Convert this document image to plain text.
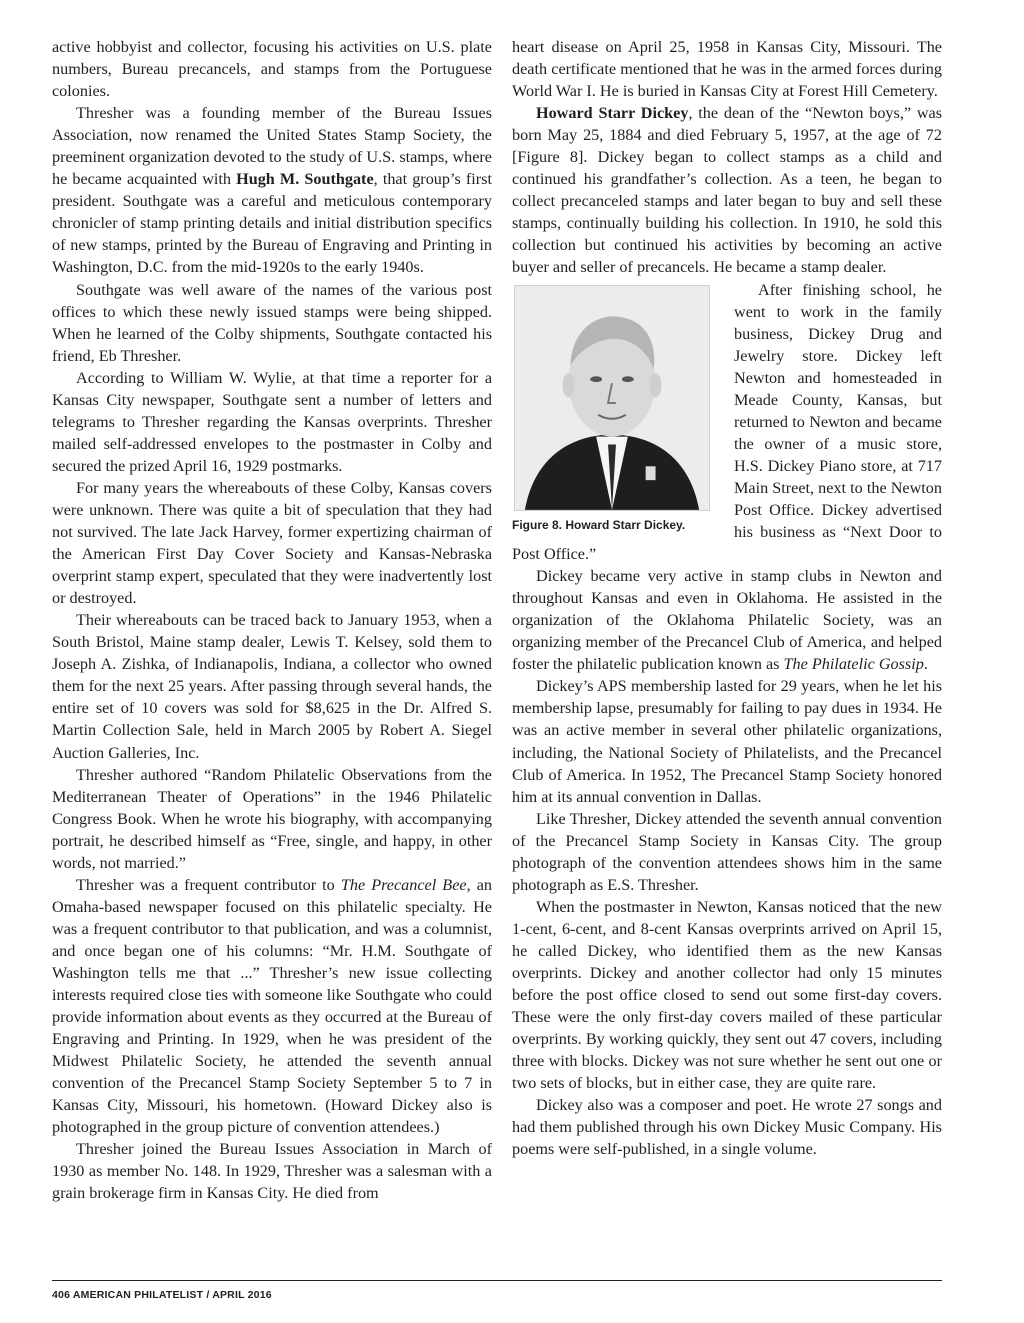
active hobbyist and collector, focusing his activities on U.S. plate numbers, Bureau precancels, and stamps from the Portuguese colonies.

Thresher was a founding member of the Bureau Issues Association, now renamed the United States Stamp Society, the preeminent organization devoted to the study of U.S. stamps, where he became acquainted with Hugh M. Southgate, that group’s first president. Southgate was a careful and meticulous contemporary chronicler of stamp printing details and initial distribution specifics of new stamps, printed by the Bureau of Engraving and Printing in Washington, D.C. from the mid-1920s to the early 1940s.

Southgate was well aware of the names of the various post offices to which these newly issued stamps were being shipped. When he learned of the Colby shipments, Southgate contacted his friend, Eb Thresher.

According to William W. Wylie, at that time a reporter for a Kansas City newspaper, Southgate sent a number of letters and telegrams to Thresher regarding the Kansas overprints. Thresher mailed self-addressed envelopes to the postmaster in Colby and secured the prized April 16, 1929 postmarks.

For many years the whereabouts of these Colby, Kansas covers were unknown. There was quite a bit of speculation that they had not survived. The late Jack Harvey, former expertizing chairman of the American First Day Cover Society and Kansas-Nebraska overprint stamp expert, speculated that they were inadvertently lost or destroyed.

Their whereabouts can be traced back to January 1953, when a South Bristol, Maine stamp dealer, Lewis T. Kelsey, sold them to Joseph A. Zishka, of Indianapolis, Indiana, a collector who owned them for the next 25 years. After passing through several hands, the entire set of 10 covers was sold for $8,625 in the Dr. Alfred S. Martin Collection Sale, held in March 2005 by Robert A. Siegel Auction Galleries, Inc.

Thresher authored “Random Philatelic Observations from the Mediterranean Theater of Operations” in the 1946 Philatelic Congress Book. When he wrote his biography, with accompanying portrait, he described himself as “Free, single, and happy, in other words, not married.”

Thresher was a frequent contributor to The Precancel Bee, an Omaha-based newspaper focused on this philatelic specialty. He was a frequent contributor to that publication, and was a columnist, and once began one of his columns: “Mr. H.M. Southgate of Washington tells me that ...” Thresher’s new issue collecting interests required close ties with someone like Southgate who could provide information about events as they occurred at the Bureau of Engraving and Printing. In 1929, when he was president of the Midwest Philatelic Society, he attended the seventh annual convention of the Precancel Stamp Society September 5 to 7 in Kansas City, Missouri, his hometown. (Howard Dickey also is photographed in the group picture of convention attendees.)

Thresher joined the Bureau Issues Association in March of 1930 as member No. 148. In 1929, Thresher was a salesman with a grain brokerage firm in Kansas City. He died from

heart disease on April 25, 1958 in Kansas City, Missouri. The death certificate mentioned that he was in the armed forces during World War I. He is buried in Kansas City at Forest Hill Cemetery.

Howard Starr Dickey, the dean of the “Newton boys,” was born May 25, 1884 and died February 5, 1957, at the age of 72 [Figure 8]. Dickey began to collect stamps as a child and continued his grandfather’s collection. As a teen, he began to collect precanceled stamps and later began to buy and sell these stamps, continually building his collection. In 1910, he sold this collection but continued his activities by becoming an active buyer and seller of precancels. He became a stamp dealer.

Figure 8. Howard Starr Dickey.
After finishing school, he went to work in the family business, Dickey Drug and Jewelry store. Dickey left Newton and homesteaded in Meade County, Kansas, but returned to Newton and became the owner of a music store, H.S. Dickey Piano store, at 717 Main Street, next to the Newton Post Office. Dickey advertised his business as “Next Door to Post Office.”

Dickey became very active in stamp clubs in Newton and throughout Kansas and even in Oklahoma. He assisted in the organization of the Oklahoma Philatelic Society, was an organizing member of the Precancel Club of America, and helped foster the philatelic publication known as The Philatelic Gossip.

Dickey’s APS membership lasted for 29 years, when he let his membership lapse, presumably for failing to pay dues in 1934. He was an active member in several other philatelic organizations, including, the National Society of Philatelists, and the Precancel Club of America. In 1952, The Precancel Stamp Society honored him at its annual convention in Dallas.

Like Thresher, Dickey attended the seventh annual convention of the Precancel Stamp Society in Kansas City. The group photograph of the convention attendees shows him in the same photograph as E.S. Thresher.

When the postmaster in Newton, Kansas noticed that the new 1-cent, 6-cent, and 8-cent Kansas overprints arrived on April 15, he called Dickey, who identified them as the new Kansas overprints. Dickey and another collector had only 15 minutes before the post office closed to send out some first-day covers. These were the only first-day covers mailed of these particular overprints. By working quickly, they sent out 47 covers, including three with blocks. Dickey was not sure whether he sent out one or two sets of blocks, but in either case, they are quite rare.

Dickey also was a composer and poet. He wrote 27 songs and had them published through his own Dickey Music Company. His poems were self-published, in a single volume.

406 AMERICAN PHILATELIST / APRIL 2016
